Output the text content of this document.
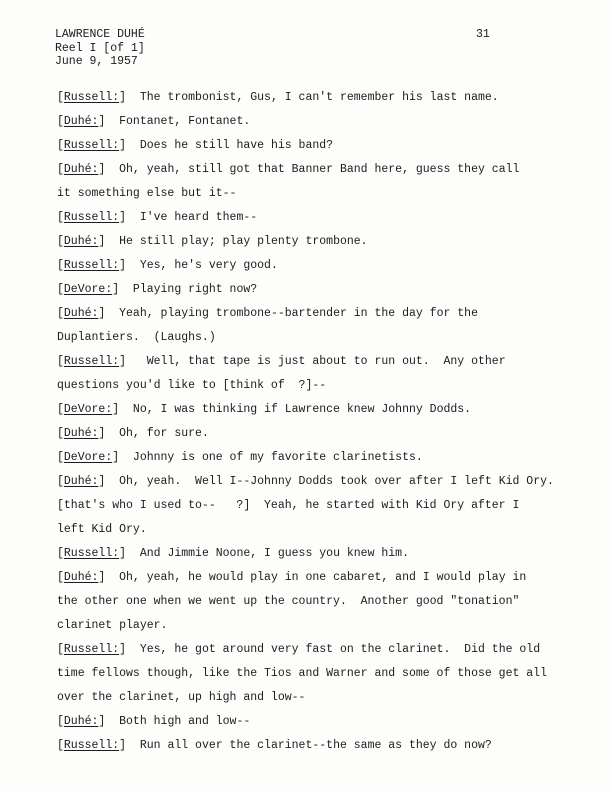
LAWRENCE DUHÉ
Reel I [of 1]
June 9, 1957
31
[Russell:]  The trombonist, Gus, I can't remember his last name.
[Duhé:]  Fontanet, Fontanet.
[Russell:]  Does he still have his band?
[Duhé:]  Oh, yeah, still got that Banner Band here, guess they call
it something else but it--
[Russell:]  I've heard them--
[Duhé:]  He still play; play plenty trombone.
[Russell:]  Yes, he's very good.
[DeVore:]  Playing right now?
[Duhé:]  Yeah, playing trombone--bartender in the day for the
Duplantiers.  (Laughs.)
[Russell:]   Well, that tape is just about to run out.  Any other
questions you'd like to [think of  ?]--
[DeVore:]  No, I was thinking if Lawrence knew Johnny Dodds.
[Duhé:]  Oh, for sure.
[DeVore:]  Johnny is one of my favorite clarinetists.
[Duhé:]  Oh, yeah.  Well I--Johnny Dodds took over after I left Kid Ory.
[that's who I used to--   ?]  Yeah, he started with Kid Ory after I
left Kid Ory.
[Russell:]  And Jimmie Noone, I guess you knew him.
[Duhé:]  Oh, yeah, he would play in one cabaret, and I would play in
the other one when we went up the country.  Another good "tonation"
clarinet player.
[Russell:]  Yes, he got around very fast on the clarinet.  Did the old
time fellows though, like the Tios and Warner and some of those get all
over the clarinet, up high and low--
[Duhé:]  Both high and low--
[Russell:]  Run all over the clarinet--the same as they do now?
